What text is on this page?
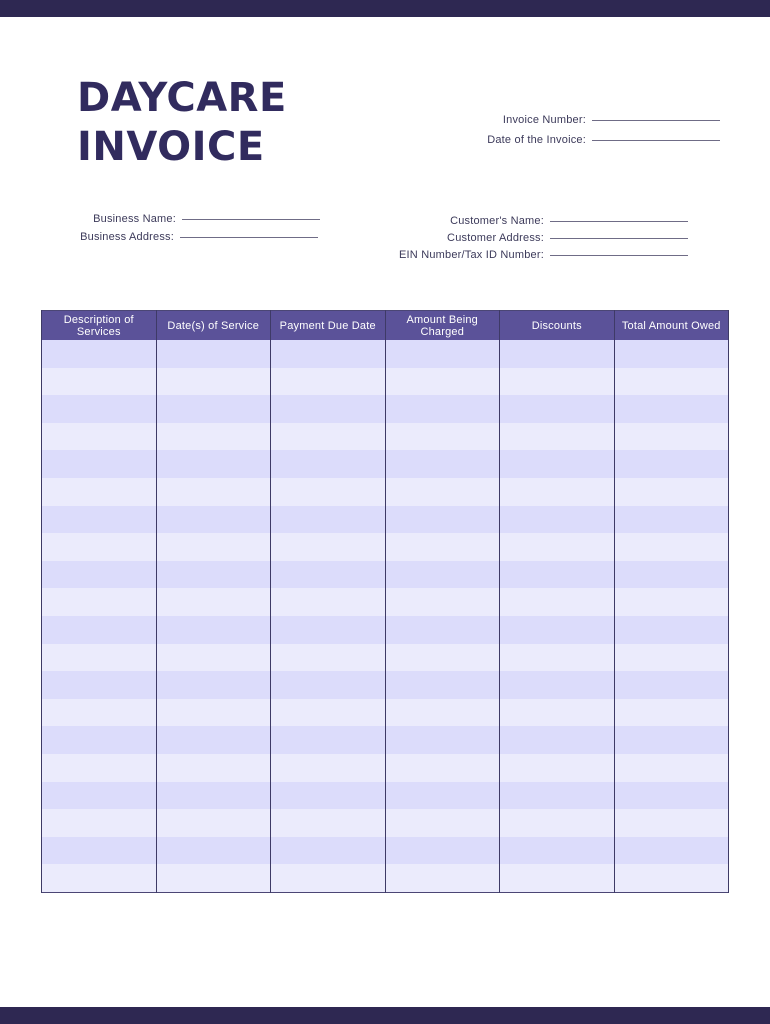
DAYCARE
INVOICE
Invoice Number:
Date of the Invoice:
Business Name:
Business Address:
Customer's Name:
Customer Address:
EIN Number/Tax ID Number:
Description of Services	Date(s) of Service	Payment Due Date	Amount Being Charged	Discounts	Total Amount Owed
